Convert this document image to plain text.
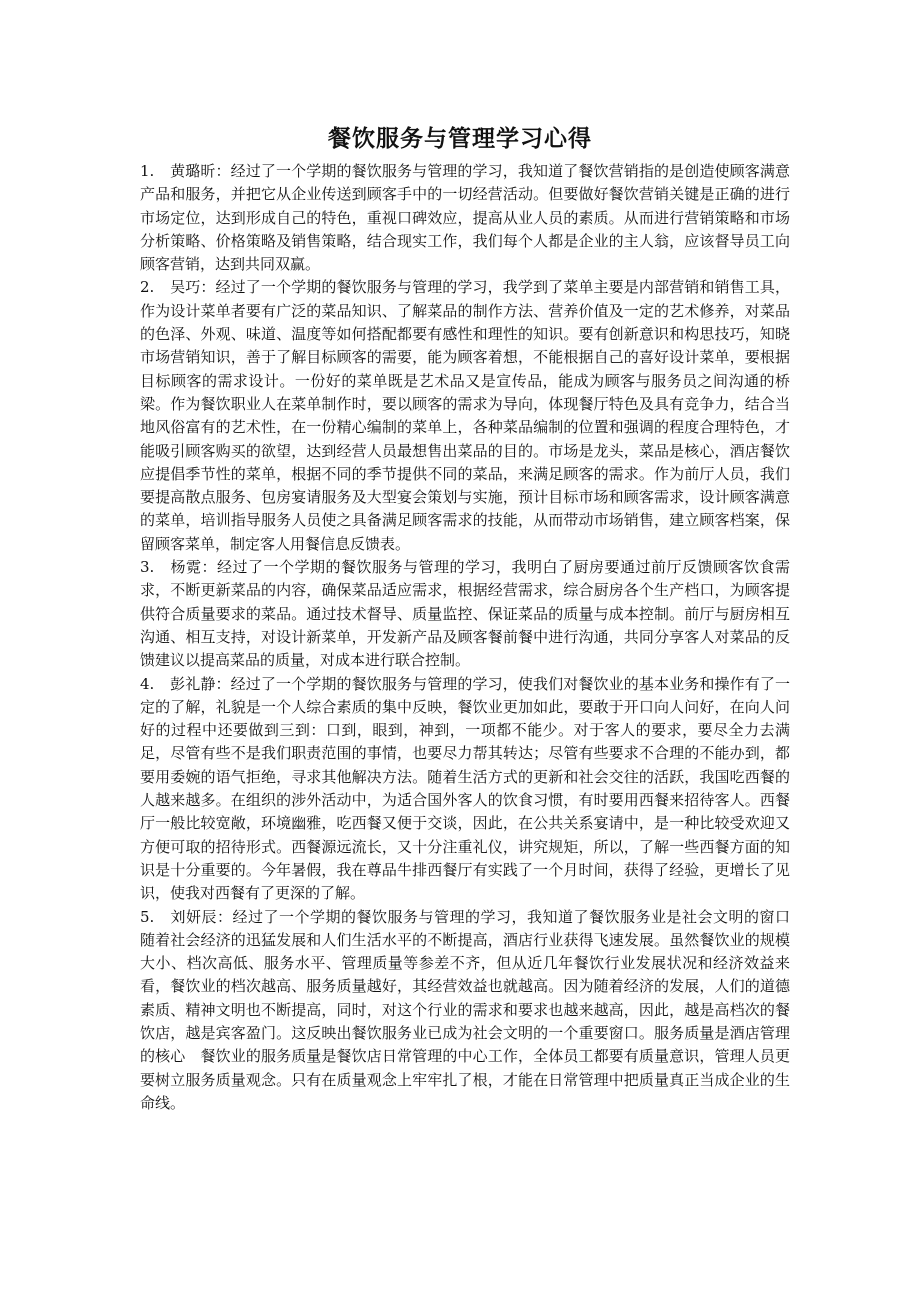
餐饮服务与管理学习心得

1. 黄璐昕：经过了一个学期的餐饮服务与管理的学习，我知道了餐饮营销指的是创造使顾客满意产品和服务，并把它从企业传送到顾客手中的一切经营活动。但要做好餐饮营销关键是正确的进行市场定位，达到形成自己的特色，重视口碑效应，提高从业人员的素质。从而进行营销策略和市场分析策略、价格策略及销售策略，结合现实工作，我们每个人都是企业的主人翁，应该督导员工向顾客营销，达到共同双赢。

2. 吴巧：经过了一个学期的餐饮服务与管理的学习，我学到了菜单主要是内部营销和销售工具，作为设计菜单者要有广泛的菜品知识、了解菜品的制作方法、营养价值及一定的艺术修养，对菜品的色泽、外观、味道、温度等如何搭配都要有感性和理性的知识。要有创新意识和构思技巧，知晓市场营销知识，善于了解目标顾客的需要，能为顾客着想，不能根据自己的喜好设计菜单，要根据目标顾客的需求设计。一份好的菜单既是艺术品又是宣传品，能成为顾客与服务员之间沟通的桥梁。作为餐饮职业人在菜单制作时，要以顾客的需求为导向，体现餐厅特色及具有竞争力，结合当地风俗富有的艺术性，在一份精心编制的菜单上，各种菜品编制的位置和强调的程度合理特色，才能吸引顾客购买的欲望，达到经营人员最想售出菜品的目的。市场是龙头，菜品是核心，酒店餐饮应提倡季节性的菜单，根据不同的季节提供不同的菜品，来满足顾客的需求。作为前厅人员，我们要提高散点服务、包房宴请服务及大型宴会策划与实施，预计目标市场和顾客需求，设计顾客满意的菜单，培训指导服务人员使之具备满足顾客需求的技能，从而带动市场销售，建立顾客档案，保留顾客菜单，制定客人用餐信息反馈表。

3. 杨霓：经过了一个学期的餐饮服务与管理的学习，我明白了厨房要通过前厅反馈顾客饮食需求，不断更新菜品的内容，确保菜品适应需求，根据经营需求，综合厨房各个生产档口，为顾客提供符合质量要求的菜品。通过技术督导、质量监控、保证菜品的质量与成本控制。前厅与厨房相互沟通、相互支持，对设计新菜单，开发新产品及顾客餐前餐中进行沟通，共同分享客人对菜品的反馈建议以提高菜品的质量，对成本进行联合控制。

4. 彭礼静：经过了一个学期的餐饮服务与管理的学习，使我们对餐饮业的基本业务和操作有了一定的了解，礼貌是一个人综合素质的集中反映，餐饮业更加如此，要敢于开口向人问好，在向人问好的过程中还要做到三到：口到，眼到，神到，一项都不能少。对于客人的要求，要尽全力去满足，尽管有些不是我们职责范围的事情，也要尽力帮其转达；尽管有些要求不合理的不能办到，都要用委婉的语气拒绝，寻求其他解决方法。随着生活方式的更新和社会交往的活跃，我国吃西餐的人越来越多。在组织的涉外活动中，为适合国外客人的饮食习惯，有时要用西餐来招待客人。西餐厅一般比较宽敞，环境幽雅，吃西餐又便于交谈，因此，在公共关系宴请中，是一种比较受欢迎又方便可取的招待形式。西餐源远流长，又十分注重礼仪，讲究规矩，所以，了解一些西餐方面的知识是十分重要的。今年暑假，我在尊品牛排西餐厅有实践了一个月时间，获得了经验，更增长了见识，使我对西餐有了更深的了解。

5. 刘妍辰：经过了一个学期的餐饮服务与管理的学习，我知道了餐饮服务业是社会文明的窗口　随着社会经济的迅猛发展和人们生活水平的不断提高，酒店行业获得飞速发展。虽然餐饮业的规模大小、档次高低、服务水平、管理质量等参差不齐，但从近几年餐饮行业发展状况和经济效益来看，餐饮业的档次越高、服务质量越好，其经营效益也就越高。因为随着经济的发展，人们的道德素质、精神文明也不断提高，同时，对这个行业的需求和要求也越来越高，因此，越是高档次的餐饮店，越是宾客盈门。这反映出餐饮服务业已成为社会文明的一个重要窗口。服务质量是酒店管理的核心　餐饮业的服务质量是餐饮店日常管理的中心工作，全体员工都要有质量意识，管理人员更要树立服务质量观念。只有在质量观念上牢牢扎了根，才能在日常管理中把质量真正当成企业的生命线。
